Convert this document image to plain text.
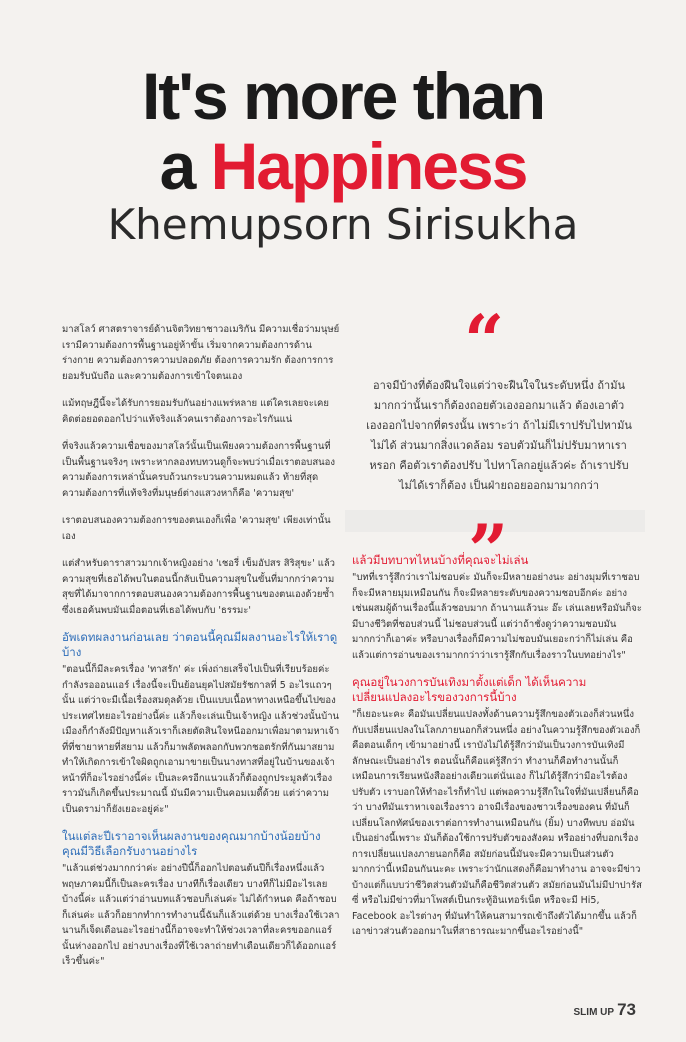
It's more than
a Happiness
Khemupsorn Sirisukha
“
อาจมีบ้างที่ต้องฝืนใจแต่ว่าจะฝืนใจในระดับหนึ่ง ถ้ามันมากกว่านั้นเราก็ต้องถอยตัวเองออกมาแล้ว ต้องเอาตัวเองออกไปจากที่ตรงนั้น เพราะว่า ถ้าไม่มีเราปรับไปหามันไม่ได้ ส่วนมากสิ่งแวดล้อม รอบตัวมันก็ไม่ปรับมาหาเราหรอก คือตัวเราต้องปรับ ไปหาโลกอยู่แล้วค่ะ ถ้าเราปรับไม่ได้เราก็ต้อง เป็นฝ่ายถอยออกมามากกว่า
”

มาสโลว์ ศาสตราจารย์ด้านจิตวิทยาชาวอเมริกัน มีความเชื่อว่ามนุษย์เรามีความต้องการพื้นฐานอยู่ห้าขั้น เริ่มจากความต้องการด้านร่างกาย ความต้องการความปลอดภัย ต้องการความรัก ต้องการการยอมรับนับถือ และความต้องการเข้าใจตนเอง

แม้ทฤษฎีนี้จะได้รับการยอมรับกันอย่างแพร่หลาย แต่ใครเลยจะเคยคิดต่อยอดออกไปว่าแท้จริงแล้วคนเราต้องการอะไรกันแน่

ที่จริงแล้วความเชื่อของมาสโลว์นั้นเป็นเพียงความต้องการพื้นฐานที่เป็นพื้นฐานจริงๆ เพราะหากลองทบทวนดูก็จะพบว่าเมื่อเราตอบสนองความต้องการเหล่านั้นครบถ้วนกระบวนความหมดแล้ว ท้ายที่สุดความต้องการที่แท้จริงที่มนุษย์ต่างแสวงหาก็คือ 'ความสุข'

เราตอบสนองความต้องการของตนเองก็เพื่อ 'ความสุข' เพียงเท่านั้นเอง

แต่สำหรับดาราสาวมากเจ้าหญิงอย่าง 'เชอรี่ เข็มอัปสร สิริสุขะ' แล้ว ความสุขที่เธอได้พบในตอนนี้กลับเป็นความสุขในขั้นที่มากกว่าความสุขที่ได้มาจากการตอบสนองความต้องการพื้นฐานของตนเองด้วยซ้ำ ซึ่งเธอค้นพบมันเมื่อตอนที่เธอได้พบกับ 'ธรรมะ'

อัพเดทผลงานก่อนเลย ว่าตอนนี้คุณมีผลงานอะไรให้เราดูบ้าง

"ตอนนี้ก็มีละครเรื่อง 'ทาสรัก' ค่ะ เพิ่งถ่ายเสร็จไปเป็นที่เรียบร้อยค่ะ กำลังรอออนแอร์ เรื่องนี้จะเป็นย้อนยุคไปสมัยรัชกาลที่ 5 อะไรแถวๆ นั้น แต่ว่าจะมีเนื้อเรื่องสมดุลด้วย เป็นแบบเนื้อหาทางเหนือขึ้นไปของประเทศไทยอะไรอย่างนี้ค่ะ แล้วก็จะเล่นเป็นเจ้าหญิง แล้วช่วงนั้นบ้านเมืองก็กำลังมีปัญหาแล้วเราก็เลยตัดสินใจหนีออกมาเพื่อมาตามหาเจ้าที่ที่ชายาหายที่สยาม แล้วก็มาพลัดพลอกกับพวกชอตรักที่กันมาสยาม ทำให้เกิดการเข้าใจผิดถูกเอามาขายเป็นนางทาสที่อยู่ในบ้านของเจ้าหน้าที่ก็อะไรอย่างนี้ค่ะ เป็นละครอีกแนวแล้วก็ต้องถูกประมูลตัวเรื่องราวมันก็เกิดขึ้นประมาณนี้ มันมีความเป็นคอมเมดี้ด้วย แต่ว่าความเป็นดราม่าก็ยังเยอะอยู่ค่ะ"

ในแต่ละปีเราอาจเห็นผลงานของคุณมากบ้างน้อยบ้าง คุณมีวิธีเลือกรับงานอย่างไร

"แล้วแต่ช่วงมากกว่าค่ะ อย่างปีนี้ก็ออกไปตอนต้นปีก็เรื่องหนึ่งแล้ว พฤษภาคมนี้ก็เป็นละครเรื่อง บางทีก็เรื่องเดียว บางทีก็ไม่มีอะไรเลยบ้างนี้ค่ะ แล้วแต่ว่าอ่านบทแล้วชอบก็เล่นค่ะ ไม่ได้กำหนด คือถ้าชอบก็เล่นค่ะ แล้วก็อยากทำการทำงานนี้ฉันก็แล้วแต่ด้วย บางเรื่องใช้เวลานานก็เจ็ดเดือนอะไรอย่างนี้ก็อาจจะทำให้ช่วงเวลาที่ละครขออกแอร์นั้นห่างออกไป อย่างบางเรื่องที่ใช้เวลาถ่ายทำเดือนเดียวก็ได้ออกแอร์เร็วขึ้นค่ะ"

แล้วมีบทบาทไหนบ้างที่คุณจะไม่เล่น

"บทที่เรารู้สึกว่าเราไม่ชอบค่ะ มันก็จะมีหลายอย่างนะ อย่างมุมที่เราชอบก็จะมีหลายมุมเหมือนกัน ก็จะมีหลายระดับของความชอบอีกค่ะ อย่างเช่นผสมผู้ด้านเรื่องนี้แล้วชอบมาก ถ้านานแล้วนะ อ๊ะ เล่นเลยหรือมันก็จะมีบางชีวิตที่ชอบส่วนนี้ ไม่ชอบส่วนนี้ แต่ว่าถ้าชั่งดูว่าความชอบมันมากกว่าก็เอาค่ะ หรือบางเรื่องก็มีความไม่ชอบมันเยอะกว่าก็ไม่เล่น คือแล้วแต่การอ่านของเรามากกว่าว่าเรารู้สึกกับเรื่องราวในบทอย่างไร"

คุณอยู่ในวงการบันเทิงมาตั้งแต่เด็ก ได้เห็นความเปลี่ยนแปลงอะไรของวงการนี้บ้าง

"ก็เยอะนะคะ คือมันเปลี่ยนแปลงทั้งด้านความรู้สึกของตัวเองก็ส่วนหนึ่ง กับเปลี่ยนแปลงในโลกภายนอกก็ส่วนหนึ่ง อย่างในความรู้สึกของตัวเองก็คือตอนเด็กๆ เข้ามาอย่างนี้ เราบังไม่ได้รู้สึกว่ามันเป็นวงการบันเทิงมีลักษณะเป็นอย่างไร ตอนนั้นก็คือแค่รู้สึกว่า ทำงานก็คือทำงานนั้นก็เหมือนการเรียนหนังสืออย่างเดียวแต่นั่นเอง ก็ไม่ได้รู้สึกว่ามีอะไรต้องปรับตัว เราบอกให้ทำอะไรก็ทำไป แต่พอความรู้สึกในใจที่มันเปลี่ยนก็คือว่า บางทีมันเราหาเจอเรื่องราว อาจมีเรื่องของชาวเรื่องของคน ที่มันก็เปลี่ยนโลกทัศน์ของเราต่อการทำงานเหมือนกัน (ยิ้ม) บางทีพบบ อ่อมันเป็นอย่างนี้เพราะ มันก็ต้องใช้การปรับตัวของสังคม หรืออย่างที่บอกเรื่องการเปลี่ยนแปลงภายนอกก็คือ สมัยก่อนนี้มันจะมีความเป็นส่วนตัวมากกว่านี้เหมือนกันนะคะ เพราะว่านักแสดงก็คือมาทำงาน อาจจะมีข่าวบ้างแต่ก็แบบว่าชีวิตส่วนตัวมันก็คือชีวิตส่วนตัว สมัยก่อนมันไม่มีปาปารัสซี่ หรือไม่มีข่าวที่มาโพสต์เป็นกระทู้อินเทอร์เน็ต หรือจะมี Hi5, Facebook อะไรต่างๆ ที่มันทำให้คนสามารถเข้าถึงตัวได้มากขึ้น แล้วก็เอาข่าวส่วนตัวออกมาในที่สาธารณะมากขึ้นอะไรอย่างนี้"

SLIM UP 73
